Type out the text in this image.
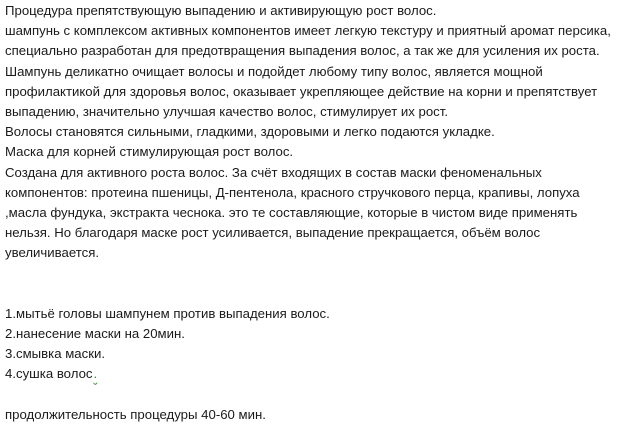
Процедура препятствующую выпадению и активирующую рост волос.
шампунь с комплексом активных компонентов имеет легкую текстуру и приятный аромат персика,
специально разработан для предотвращения выпадения волос, а так же для усиления их роста.
Шампунь деликатно очищает волосы и подойдет любому типу волос, является мощной
профилактикой для здоровья волос, оказывает укрепляющее действие на корни и препятствует
выпадению, значительно улучшая качество волос, стимулирует их рост.
Волосы становятся сильными, гладкими, здоровыми и легко подаются укладке.
Маска для корней стимулирующая рост волос.
Создана для активного роста волос. За счёт входящих в состав маски феноменальных
компонентов: протеина пшеницы, Д-пентенола, красного стручкового перца, крапивы, лопуха
,масла фундука, экстракта чеснока. это те составляющие, которые в чистом виде применять
нельзя. Но благодаря маске рост усиливается, выпадение прекращается, объём волос
увеличивается.
1.мытьё головы шампунем против выпадения волос.
2.нанесение маски на 20мин.
3.смывка маски.
4.сушка волос.
продолжительность процедуры 40-60 мин.
